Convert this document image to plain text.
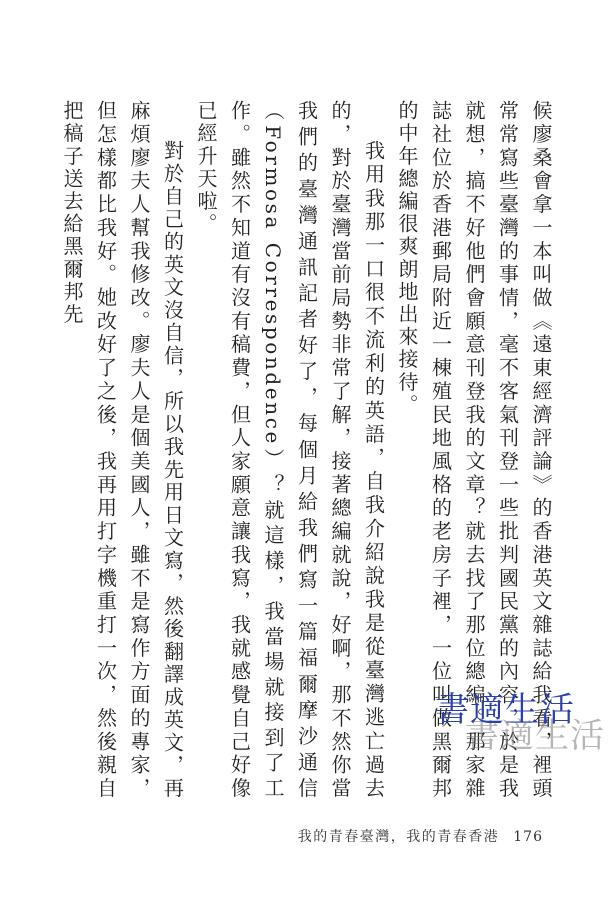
候廖桑會拿一本叫做《遠東經濟評論》的香港英文雜誌給我看，裡頭常常寫些臺灣的事情，毫不客氣刊登一些批判國民黨的內容，於是我就想，搞不好他們會願意刊登我的文章？就去找了那位總編。那家雜誌社位於香港郵局附近一棟殖民地風格的老房子裡，一位叫做黑爾邦的中年總編很爽朗地出來接待。

我用我那一口很不流利的英語，自我介紹說我是從臺灣逃亡過去的，對於臺灣當前局勢非常了解，接著總編就說，好啊，那不然你當我們的臺灣通訊記者好了，每個月給我們寫一篇福爾摩沙通信（Formosa Correspondence）？就這樣，我當場就接到了工作。雖然不知道有沒有稿費，但人家願意讓我寫，我就感覺自己好像已經升天啦。

對於自己的英文沒自信，所以我先用日文寫，然後翻譯成英文，再麻煩廖夫人幫我修改。廖夫人是個美國人，雖不是寫作方面的專家，但怎樣都比我好。她改好了之後，我再用打字機重打一次，然後親自把稿子送去給黑爾邦先

書適生活
書適生活
我的青春臺灣，我的青春香港 176
